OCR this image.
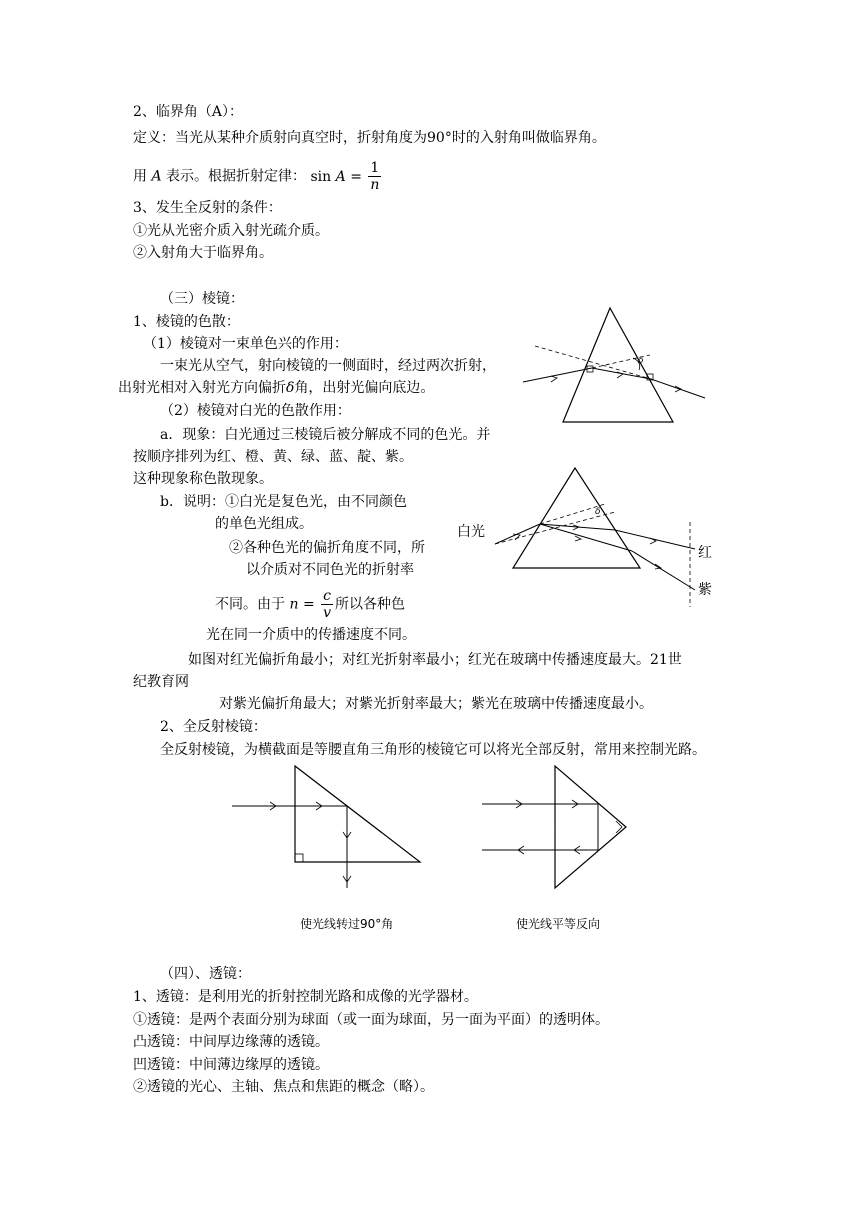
2、临界角（A）：
定义：当光从某种介质射向真空时，折射角度为90°时的入射角叫做临界角。
用 A 表示。根据折射定律： $\sin A = \frac{1}{n}$
3、发生全反射的条件：
①光从光密介质入射光疏介质。
②入射角大于临界角。
（三）棱镜：
1、棱镜的色散：
（1）棱镜对一束单色兴的作用：
一束光从空气，射向棱镜的一侧面时，经过两次折射，
出射光相对入射光方向偏折δ角，出射光偏向底边。
（2）棱镜对白光的色散作用：
a．现象：白光通过三棱镜后被分解成不同的色光。并
按顺序排列为红、橙、黄、绿、蓝、靛、紫。
这种现象称色散现象。
b．说明：①白光是复色光，由不同颜色
的单色光组成。
②各种色光的偏折角度不同，所
以介质对不同色光的折射率
不同。由于 $n = \frac{c}{v}$ 所以各种色
光在同一介质中的传播速度不同。
如图对红光偏折角最小；对红光折射率最小；红光在玻璃中传播速度最大。21世
纪教育网
对紫光偏折角最大；对紫光折射率最大；紫光在玻璃中传播速度最小。
δ
δ
白光
红
紫
2、全反射棱镜：
全反射棱镜，为横截面是等腰直角三角形的棱镜它可以将光全部反射，常用来控制光路。
使光线转过90°角	使光线平等反向
（四）、透镜：
1、透镜：是利用光的折射控制光路和成像的光学器材。
①透镜：是两个表面分别为球面（或一面为球面，另一面为平面）的透明体。
凸透镜：中间厚边缘薄的透镜。
凹透镜：中间薄边缘厚的透镜。
②透镜的光心、主轴、焦点和焦距的概念（略）。
